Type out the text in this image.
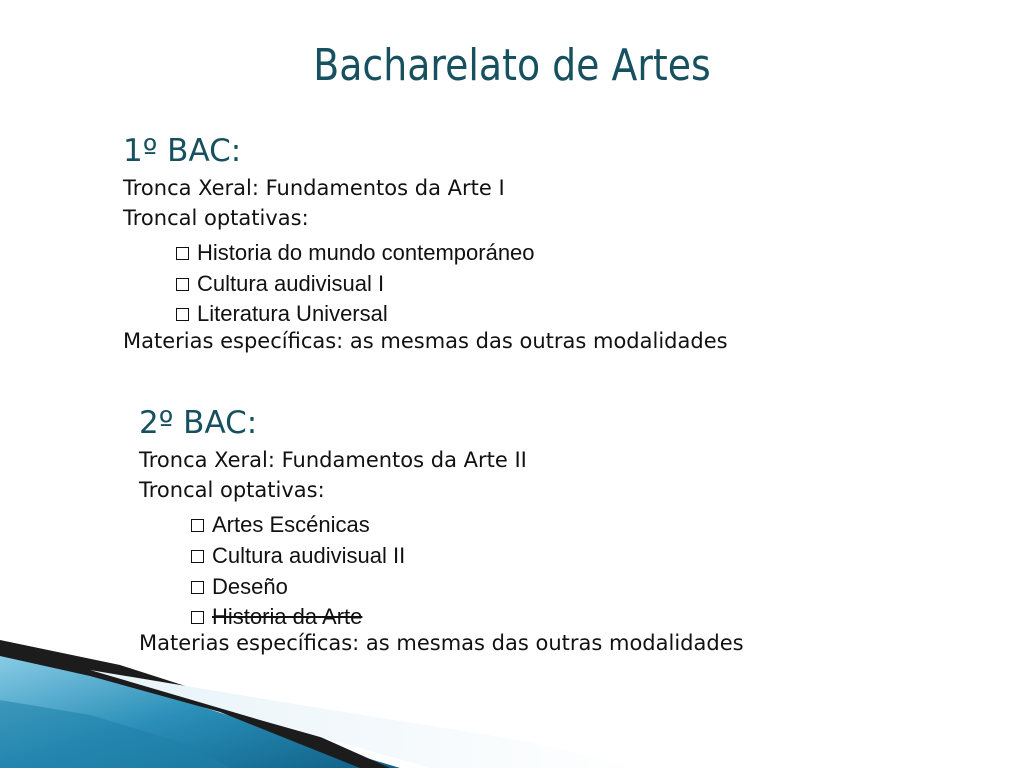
Bacharelato de Artes
1º BAC:
Tronca Xeral: Fundamentos da Arte I
Troncal optativas:
Historia do mundo contemporáneo
Cultura audivisual I
Literatura Universal
Materias específicas: as mesmas das outras modalidades
2º BAC:
Tronca Xeral: Fundamentos da Arte II
Troncal optativas:
Artes Escénicas
Cultura audivisual II
Deseño
Historia da Arte
Materias específicas: as mesmas das outras modalidades
